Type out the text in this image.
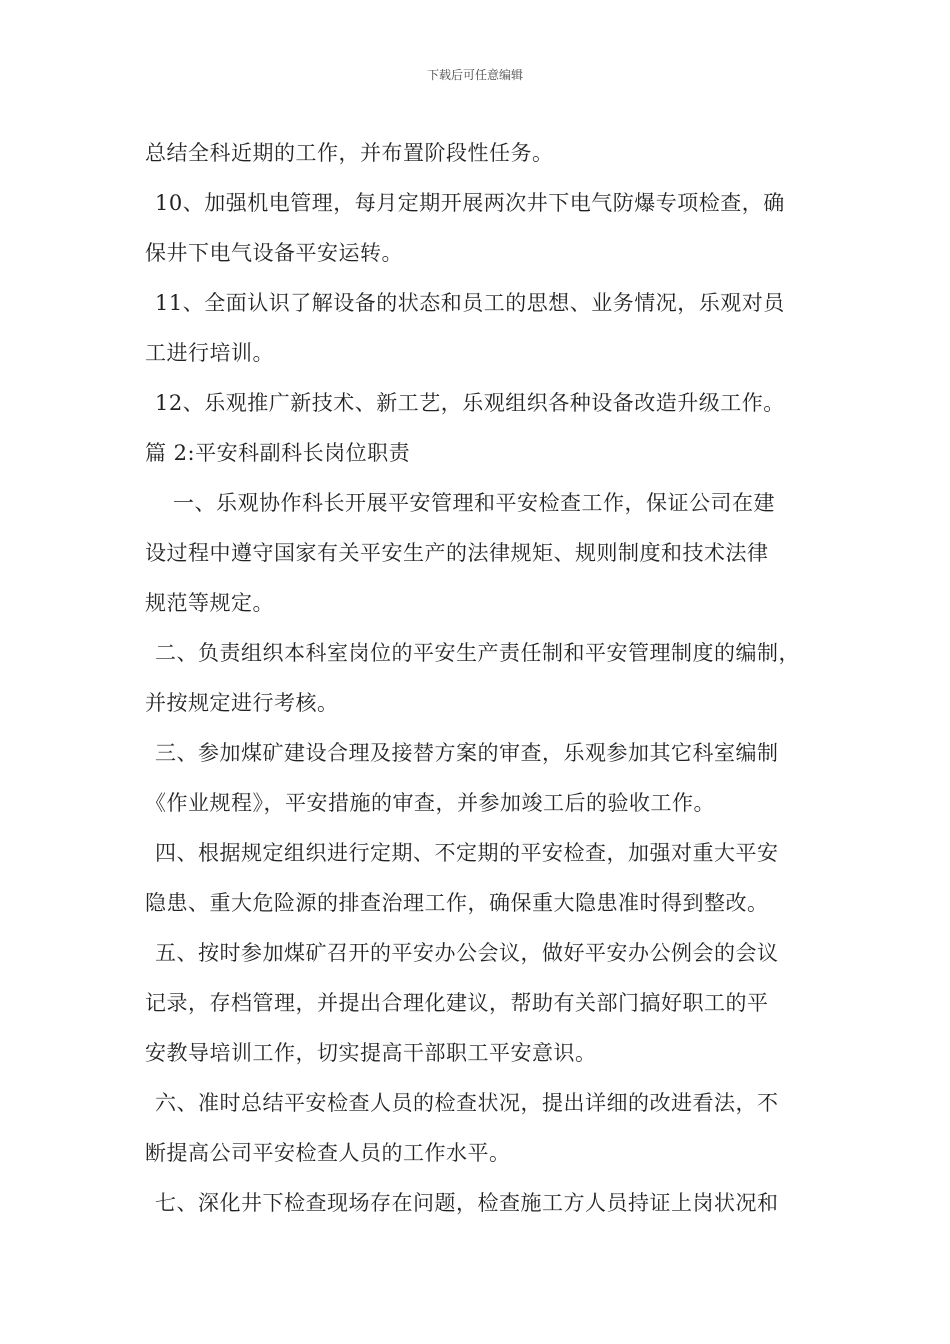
下载后可任意编辑
总结全科近期的工作，并布置阶段性任务。
10、加强机电管理，每月定期开展两次井下电气防爆专项检查，确
保井下电气设备平安运转。
11、全面认识了解设备的状态和员工的思想、业务情况，乐观对员
工进行培训。
12、乐观推广新技术、新工艺，乐观组织各种设备改造升级工作。
篇 2:平安科副科长岗位职责
一、乐观协作科长开展平安管理和平安检查工作，保证公司在建
设过程中遵守国家有关平安生产的法律规矩、规则制度和技术法律
规范等规定。
二、负责组织本科室岗位的平安生产责任制和平安管理制度的编制，
并按规定进行考核。
三、参加煤矿建设合理及接替方案的审查，乐观参加其它科室编制
《作业规程》，平安措施的审查，并参加竣工后的验收工作。
四、根据规定组织进行定期、不定期的平安检查，加强对重大平安
隐患、重大危险源的排查治理工作，确保重大隐患准时得到整改。
五、按时参加煤矿召开的平安办公会议，做好平安办公例会的会议
记录，存档管理，并提出合理化建议，帮助有关部门搞好职工的平
安教导培训工作，切实提高干部职工平安意识。
六、准时总结平安检查人员的检查状况，提出详细的改进看法，不
断提高公司平安检查人员的工作水平。
七、深化井下检查现场存在问题，检查施工方人员持证上岗状况和
